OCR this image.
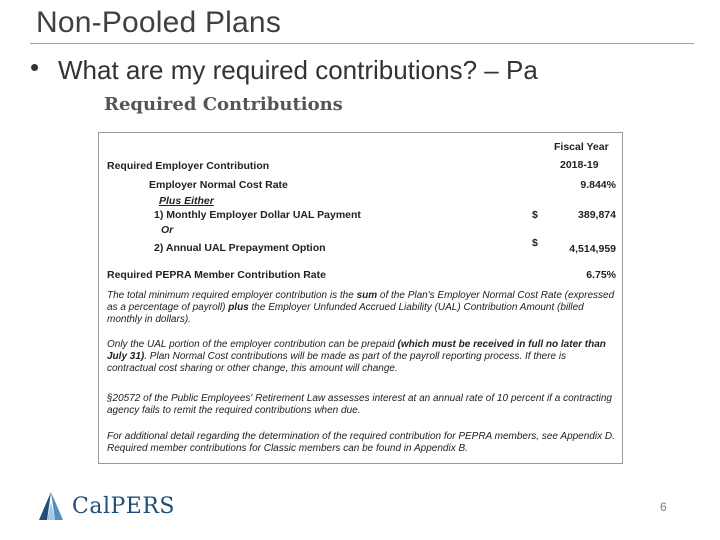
Non-Pooled Plans
• What are my required contributions? – Pa
Required Contributions
Fiscal Year
2018-19
Required Employer Contribution
Employer Normal Cost Rate	9.844%
Plus Either
1) Monthly Employer Dollar UAL Payment	$	389,874
Or
2) Annual UAL Prepayment Option	$	4,514,959
Required PEPRA Member Contribution Rate	6.75%
The total minimum required employer contribution is the sum of the Plan's Employer Normal Cost Rate (expressed as a percentage of payroll) plus the Employer Unfunded Accrued Liability (UAL) Contribution Amount (billed monthly in dollars).
Only the UAL portion of the employer contribution can be prepaid (which must be received in full no later than July 31). Plan Normal Cost contributions will be made as part of the payroll reporting process. If there is contractual cost sharing or other change, this amount will change.
§20572 of the Public Employees' Retirement Law assesses interest at an annual rate of 10 percent if a contracting agency fails to remit the required contributions when due.
For additional detail regarding the determination of the required contribution for PEPRA members, see Appendix D. Required member contributions for Classic members can be found in Appendix B.
CalPERS	6
